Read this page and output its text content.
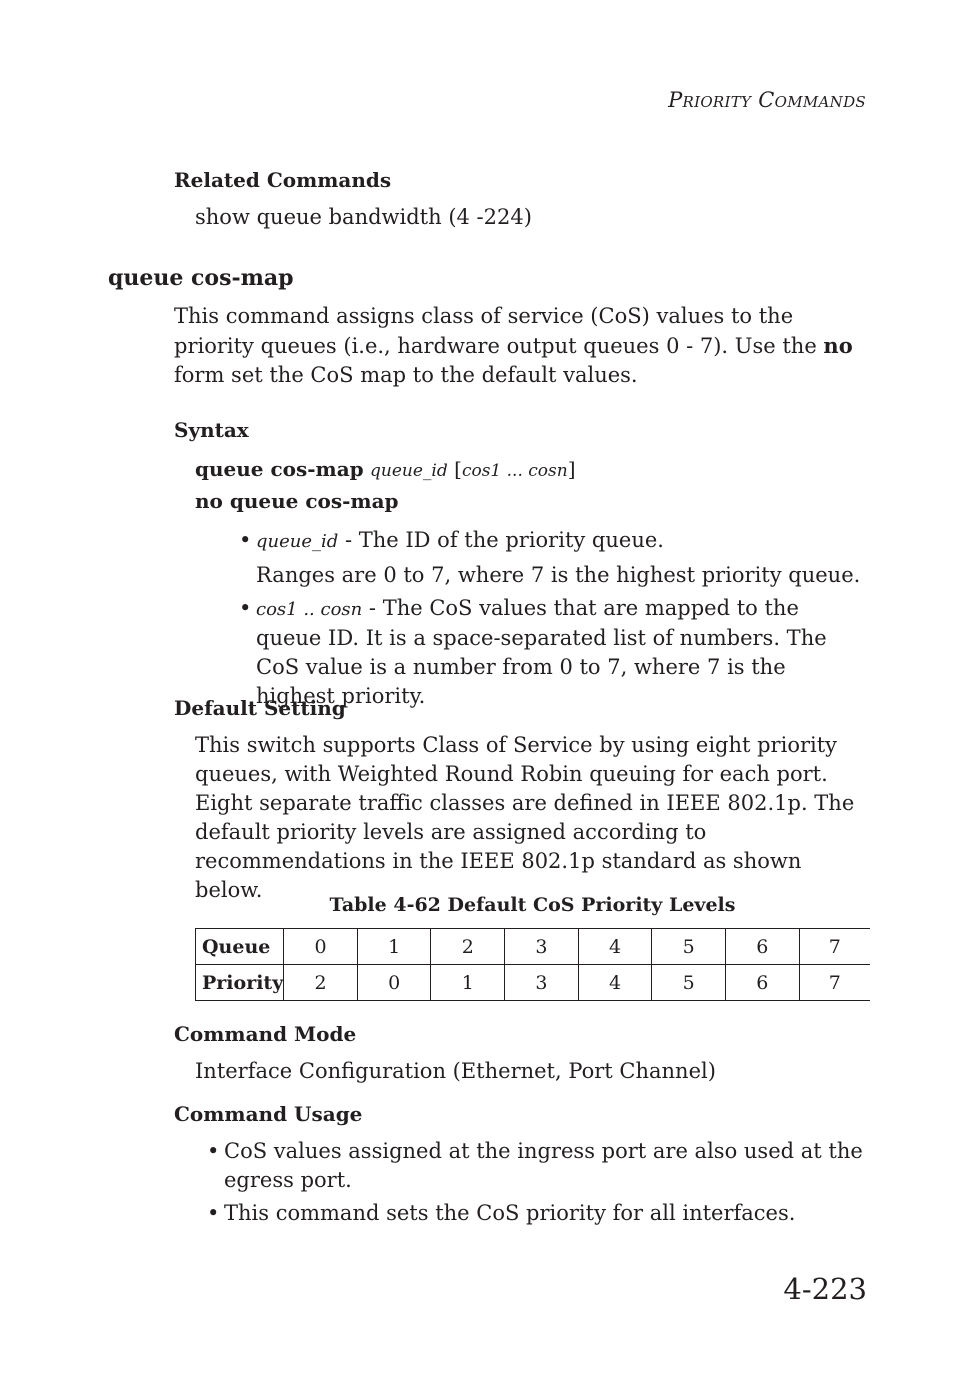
PRIORITY COMMANDS
Related Commands
show queue bandwidth (4 -224)
queue cos-map
This command assigns class of service (CoS) values to the priority queues (i.e., hardware output queues 0 - 7). Use the no form set the CoS map to the default values.
Syntax
queue cos-map queue_id [cos1 ... cosn]
no queue cos-map
• queue_id - The ID of the priority queue.
Ranges are 0 to 7, where 7 is the highest priority queue.
• cos1 .. cosn - The CoS values that are mapped to the queue ID. It is a space-separated list of numbers. The CoS value is a number from 0 to 7, where 7 is the highest priority.
Default Setting
This switch supports Class of Service by using eight priority queues, with Weighted Round Robin queuing for each port. Eight separate traffic classes are defined in IEEE 802.1p. The default priority levels are assigned according to recommendations in the IEEE 802.1p standard as shown below.
Table 4-62 Default CoS Priority Levels
Queue	0	1	2	3	4	5	6	7
Priority	2	0	1	3	4	5	6	7
Command Mode
Interface Configuration (Ethernet, Port Channel)
Command Usage
• CoS values assigned at the ingress port are also used at the egress port.
• This command sets the CoS priority for all interfaces.
4-223
